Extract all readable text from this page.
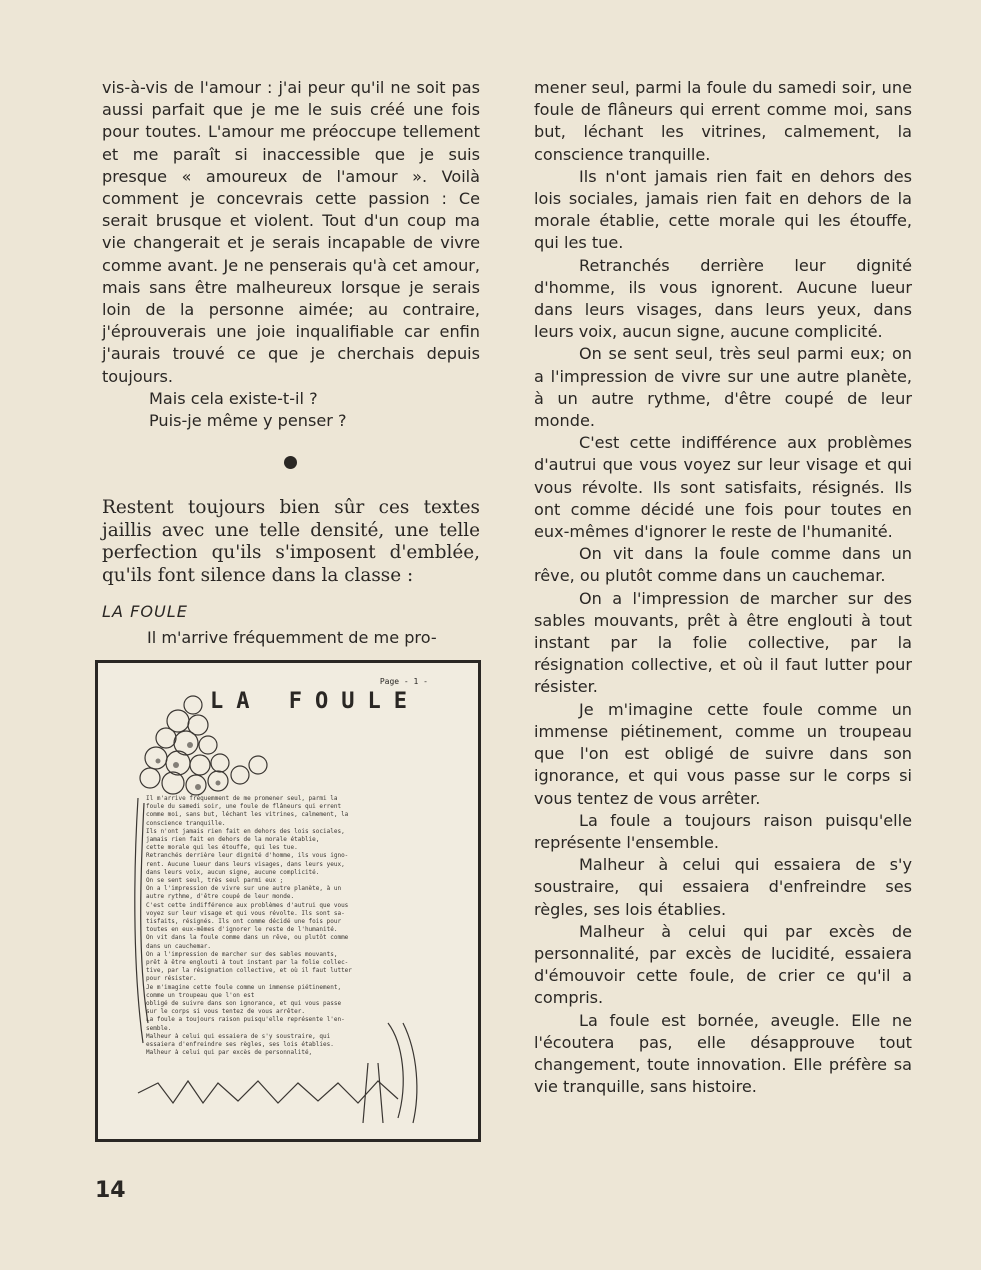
vis-à-vis de l'amour : j'ai peur qu'il ne soit pas aussi parfait que je me le suis créé une fois pour toutes. L'amour me préoccupe tellement et me paraît si inaccessible que je suis presque « amoureux de l'amour ». Voilà comment je concevrais cette passion : Ce serait brusque et violent. Tout d'un coup ma vie changerait et je serais incapable de vivre comme avant. Je ne penserais qu'à cet amour, mais sans être malheureux lorsque je serais loin de la personne aimée; au contraire, j'éprouverais une joie inqualifiable car enfin j'aurais trouvé ce que je cherchais depuis toujours.

Mais cela existe-t-il ?

Puis-je même y penser ?

Restent toujours bien sûr ces textes jaillis avec une telle densité, une telle perfection qu'ils s'imposent d'emblée, qu'ils font silence dans la classe :

LA FOULE

Il m'arrive fréquemment de me pro-

Page - 1 -
LA FOULE
Il m'arrive fréquemment de me promener seul, parmi la
foule du samedi soir, une foule de flâneurs qui errent
comme moi, sans but, léchant les vitrines, calmement, la
conscience tranquille.
Ils n'ont jamais rien fait en dehors des lois sociales,
jamais rien fait en dehors de la morale établie,
cette morale qui les étouffe, qui les tue.
Retranchés derrière leur dignité d'homme, ils vous igno-
rent. Aucune lueur dans leurs visages, dans leurs yeux,
dans leurs voix, aucun signe, aucune complicité.
On se sent seul, très seul parmi eux ;
On a l'impression de vivre sur une autre planète, à un
autre rythme, d'être coupé de leur monde.
C'est cette indifférence aux problèmes d'autrui que vous
voyez sur leur visage et qui vous révolte. Ils sont sa-
tisfaits, résignés. Ils ont comme décidé une fois pour
toutes en eux-mêmes d'ignorer le reste de l'humanité.
On vit dans la foule comme dans un rêve, ou plutôt comme
dans un cauchemar.
On a l'impression de marcher sur des sables mouvants,
prêt à être englouti à tout instant par la folie collec-
tive, par la résignation collective, et où il faut lutter
pour résister.
Je m'imagine cette foule comme un immense piétinement,
comme un troupeau que l'on est
obligé de suivre dans son ignorance, et qui vous passe
sur le corps si vous tentez de vous arrêter.
La foule a toujours raison puisqu'elle représente l'en-
semble.
Malheur à celui qui essaiera de s'y soustraire, qui
essaiera d'enfreindre ses règles, ses lois établies.
Malheur à celui qui par excès de personnalité,

mener seul, parmi la foule du samedi soir, une foule de flâneurs qui errent comme moi, sans but, léchant les vitrines, calmement, la conscience tranquille.

Ils n'ont jamais rien fait en dehors des lois sociales, jamais rien fait en dehors de la morale établie, cette morale qui les étouffe, qui les tue.

Retranchés derrière leur dignité d'homme, ils vous ignorent. Aucune lueur dans leurs visages, dans leurs yeux, dans leurs voix, aucun signe, aucune complicité.

On se sent seul, très seul parmi eux; on a l'impression de vivre sur une autre planète, à un autre rythme, d'être coupé de leur monde.

C'est cette indifférence aux problèmes d'autrui que vous voyez sur leur visage et qui vous révolte. Ils sont satisfaits, résignés. Ils ont comme décidé une fois pour toutes en eux-mêmes d'ignorer le reste de l'humanité.

On vit dans la foule comme dans un rêve, ou plutôt comme dans un cauchemar.

On a l'impression de marcher sur des sables mouvants, prêt à être englouti à tout instant par la folie collective, par la résignation collective, et où il faut lutter pour résister.

Je m'imagine cette foule comme un immense piétinement, comme un troupeau que l'on est obligé de suivre dans son ignorance, et qui vous passe sur le corps si vous tentez de vous arrêter.

La foule a toujours raison puisqu'elle représente l'ensemble.

Malheur à celui qui essaiera de s'y soustraire, qui essaiera d'enfreindre ses règles, ses lois établies.

Malheur à celui qui par excès de personnalité, par excès de lucidité, essaiera d'émouvoir cette foule, de crier ce qu'il a compris.

La foule est bornée, aveugle. Elle ne l'écoutera pas, elle désapprouve tout changement, toute innovation. Elle préfère sa vie tranquille, sans histoire.

14
